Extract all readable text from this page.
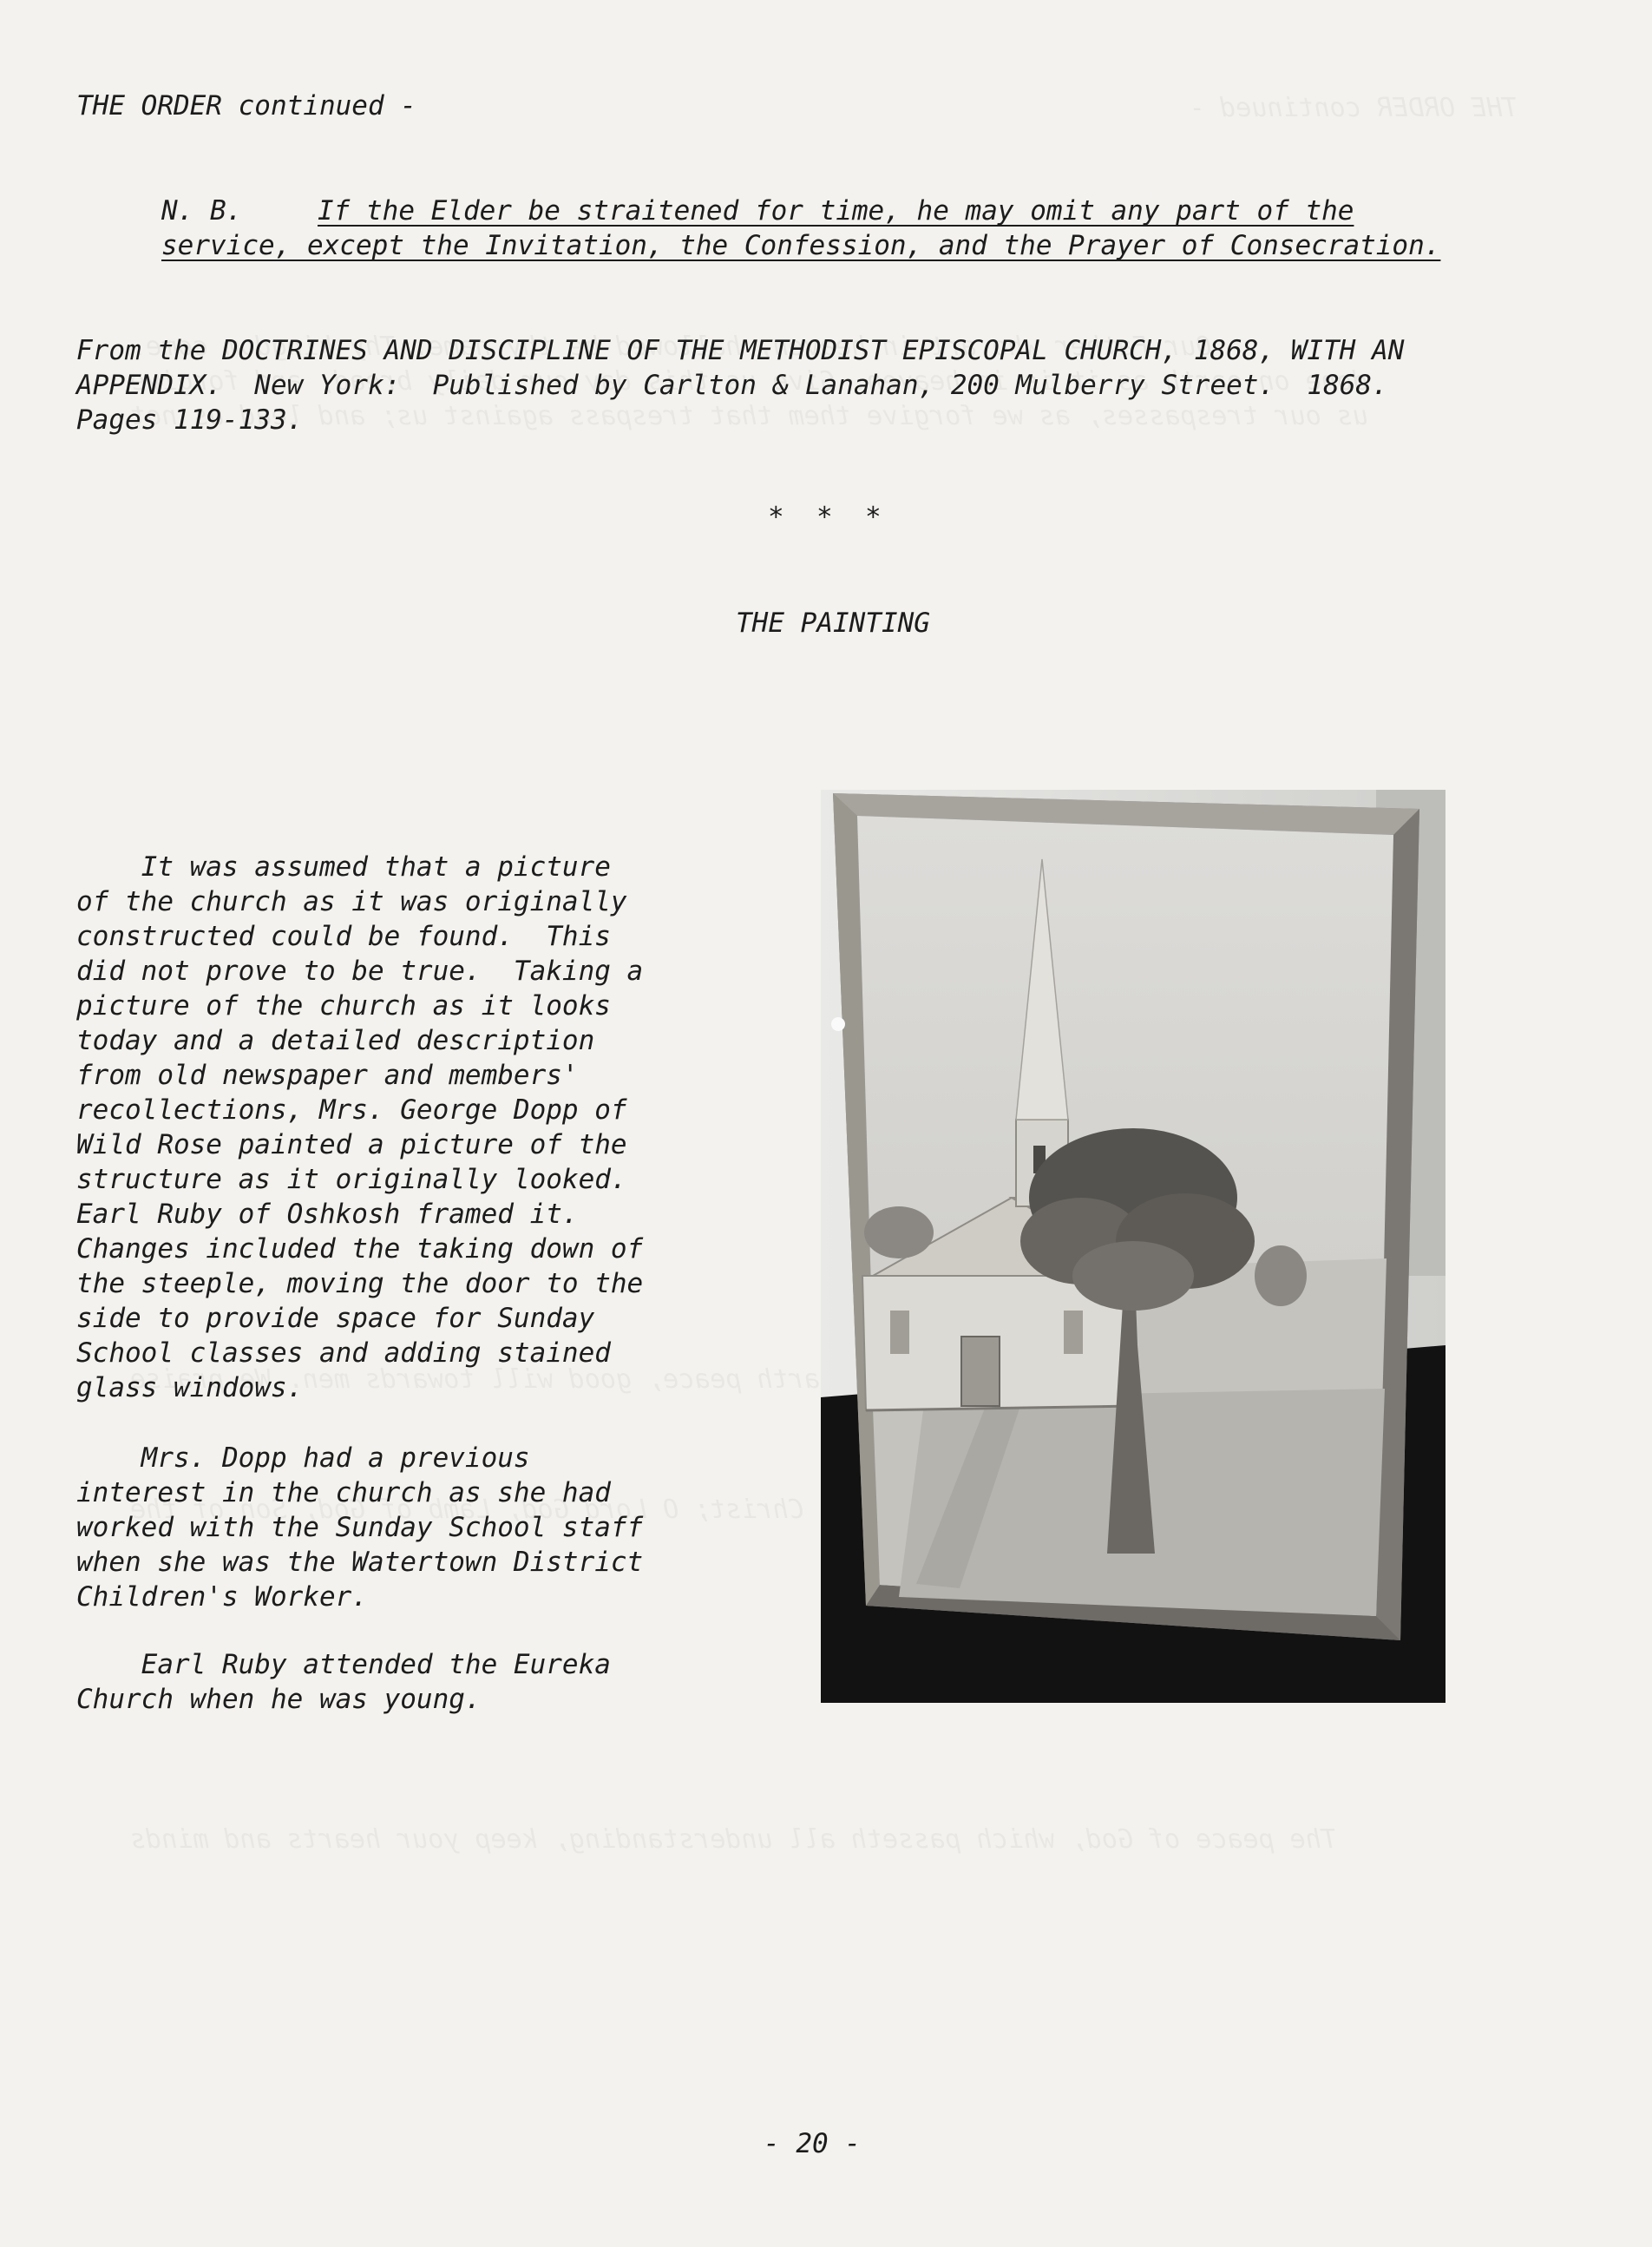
THE ORDER continued -

N. B.	If the Elder be straitened for time, he may omit any part of the

service, except the Invitation, the Confession, and the Prayer of Consecration.

From the DOCTRINES AND DISCIPLINE OF THE METHODIST EPISCOPAL CHURCH, 1868, WITH AN

APPENDIX.  New York:  Published by Carlton & Lanahan, 200 Mulberry Street.  1868.

Pages 119-133.

*  *  *

THE PAINTING

It was assumed that a picture

of the church as it was originally

constructed could be found.  This

did not prove to be true.  Taking a

picture of the church as it looks

today and a detailed description

from old newspaper and members'

recollections, Mrs. George Dopp of

Wild Rose painted a picture of the

structure as it originally looked.

Earl Ruby of Oshkosh framed it.

Changes included the taking down of

the steeple, moving the door to the

side to provide space for Sunday

School classes and adding stained

glass windows.

Mrs. Dopp had a previous

interest in the church as she had

worked with the Sunday School staff

when she was the Watertown District

Children's Worker.

Earl Ruby attended the Eureka

Church when he was young.

- 20 -
